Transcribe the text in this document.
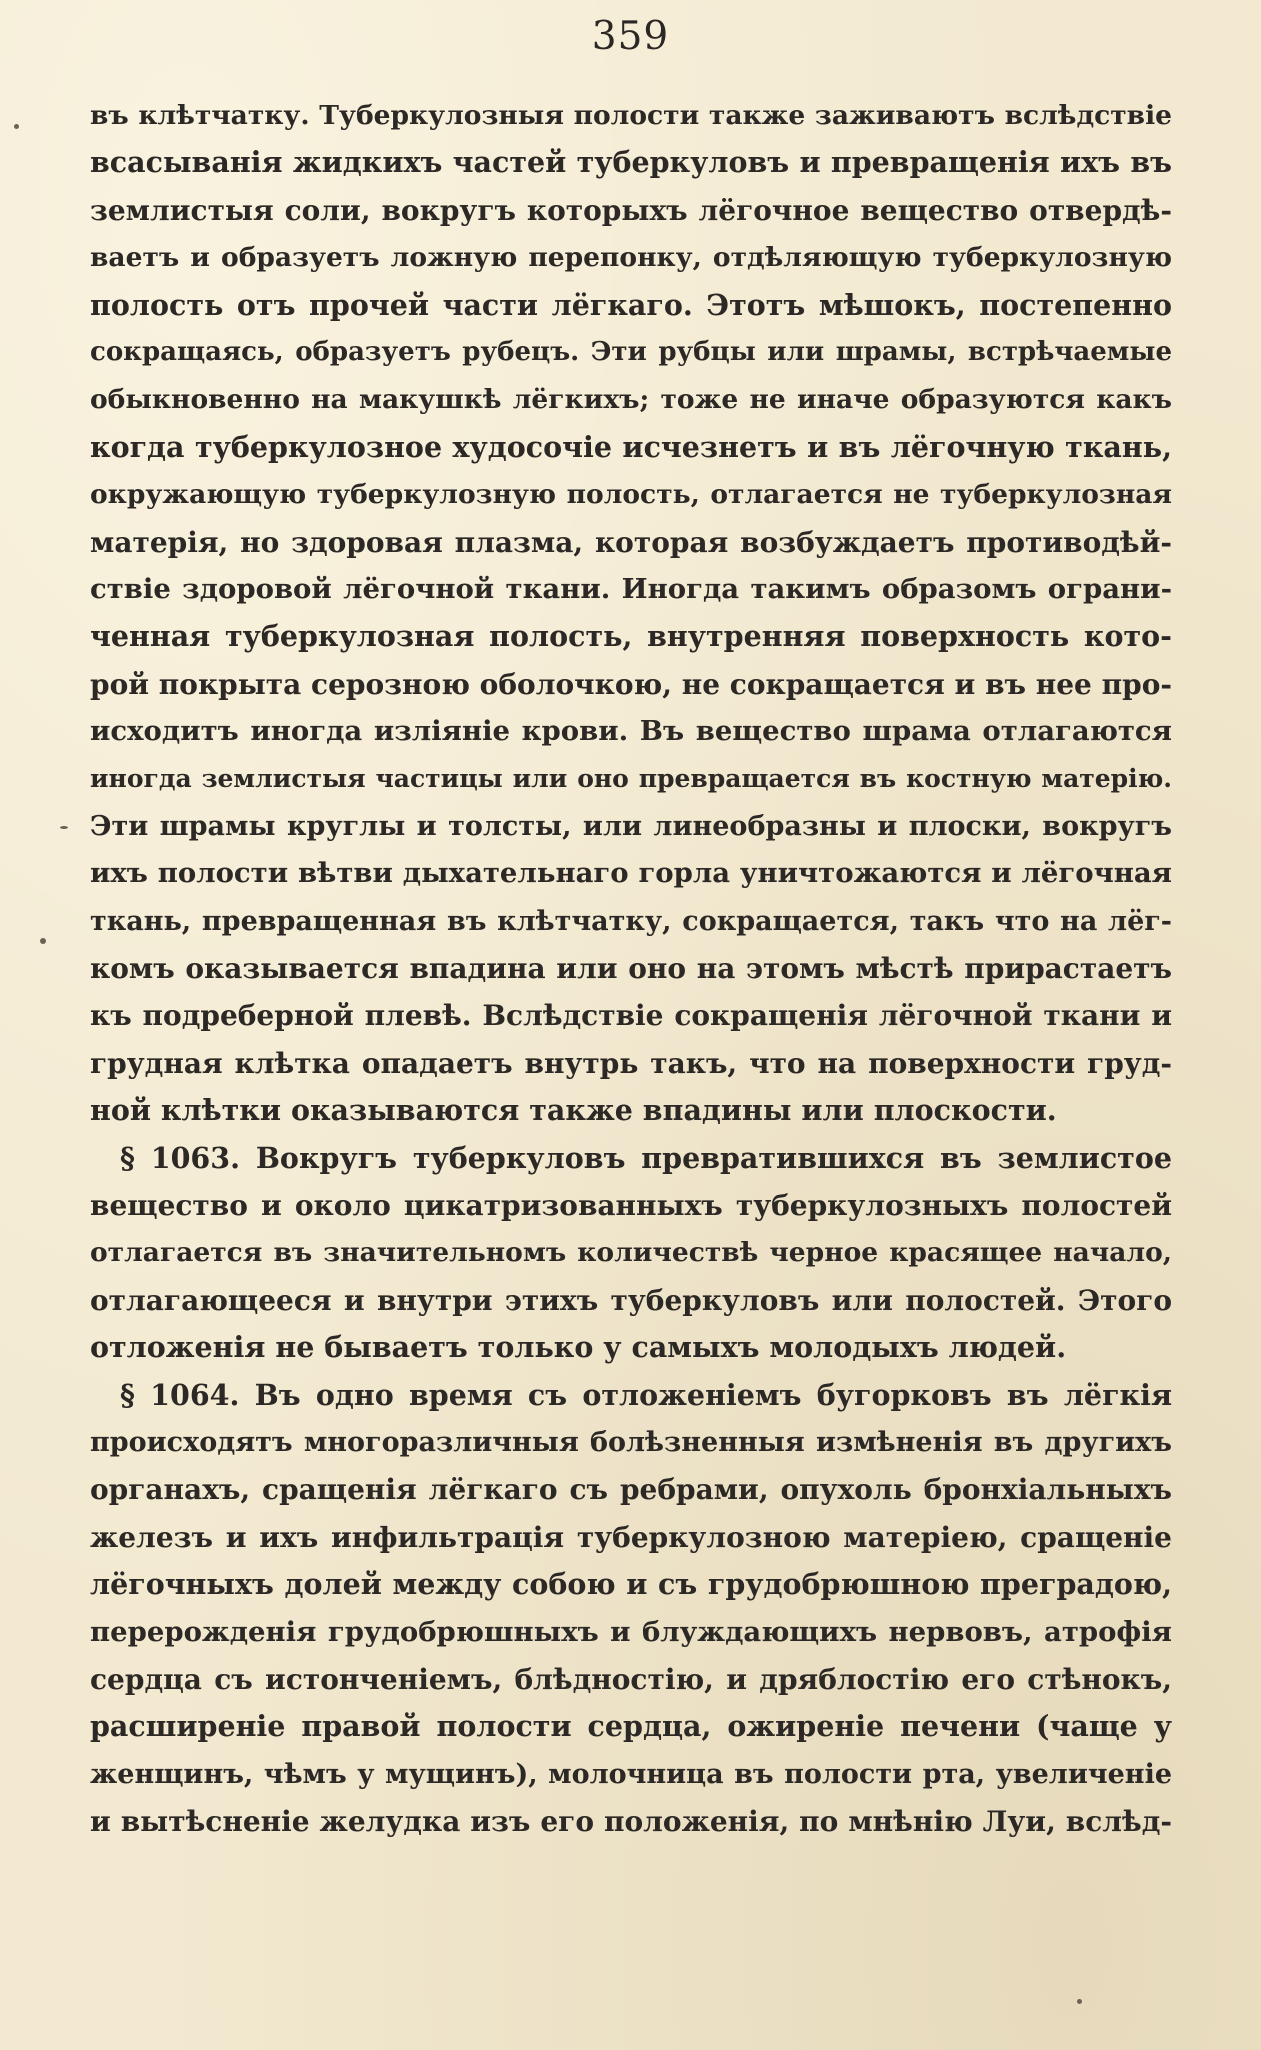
359
въ клѣтчатку. Туберкулозныя полости также заживаютъ вслѣдствіе
всасыванія жидкихъ частей туберкуловъ и превращенія ихъ въ
землистыя соли, вокругъ которыхъ лёгочное вещество отвердѣ-
ваетъ и образуетъ ложную перепонку, отдѣляющую туберкулозную
полость отъ прочей части лёгкаго. Этотъ мѣшокъ, постепенно
сокращаясь, образуетъ рубецъ. Эти рубцы или шрамы, встрѣчаемые
обыкновенно на макушкѣ лёгкихъ; тоже не иначе образуются какъ
когда туберкулозное худосочіе исчезнетъ и въ лёгочную ткань,
окружающую туберкулозную полость, отлагается не туберкулозная
матерія, но здоровая плазма, которая возбуждаетъ противодѣй-
ствіе здоровой лёгочной ткани. Иногда такимъ образомъ ограни-
ченная туберкулозная полость, внутренняя поверхность кото-
рой покрыта серозною оболочкою, не сокращается и въ нее про-
исходитъ иногда изліяніе крови. Въ вещество шрама отлагаются
иногда землистыя частицы или оно превращается въ костную матерію.
Эти шрамы круглы и толсты, или линеобразны и плоски, вокругъ
ихъ полости вѣтви дыхательнаго горла уничтожаются и лёгочная
ткань, превращенная въ клѣтчатку, сокращается, такъ что на лёг-
комъ оказывается впадина или оно на этомъ мѣстѣ прирастаетъ
къ подреберной плевѣ. Вслѣдствіе сокращенія лёгочной ткани и
грудная клѣтка опадаетъ внутрь такъ, что на поверхности груд-
ной клѣтки оказываются также впадины или плоскости.
§ 1063. Вокругъ туберкуловъ превратившихся въ землистое
вещество и около цикатризованныхъ туберкулозныхъ полостей
отлагается въ значительномъ количествѣ черное красящее начало,
отлагающееся и внутри этихъ туберкуловъ или полостей. Этого
отложенія не бываетъ только у самыхъ молодыхъ людей.
§ 1064. Въ одно время съ отложеніемъ бугорковъ въ лёгкія
происходятъ многоразличныя болѣзненныя измѣненія въ другихъ
органахъ, сращенія лёгкаго съ ребрами, опухоль бронхіальныхъ
железъ и ихъ инфильтрація туберкулозною матеріею, сращеніе
лёгочныхъ долей между собою и съ грудобрюшною преградою,
перерожденія грудобрюшныхъ и блуждающихъ нервовъ, атрофія
сердца съ истонченіемъ, блѣдностію, и дряблостію его стѣнокъ,
расширеніе правой полости сердца, ожиреніе печени (чаще у
женщинъ, чѣмъ у мущинъ), молочница въ полости рта, увеличеніе
и вытѣсненіе желудка изъ его положенія, по мнѣнію Луи, вслѣд-
